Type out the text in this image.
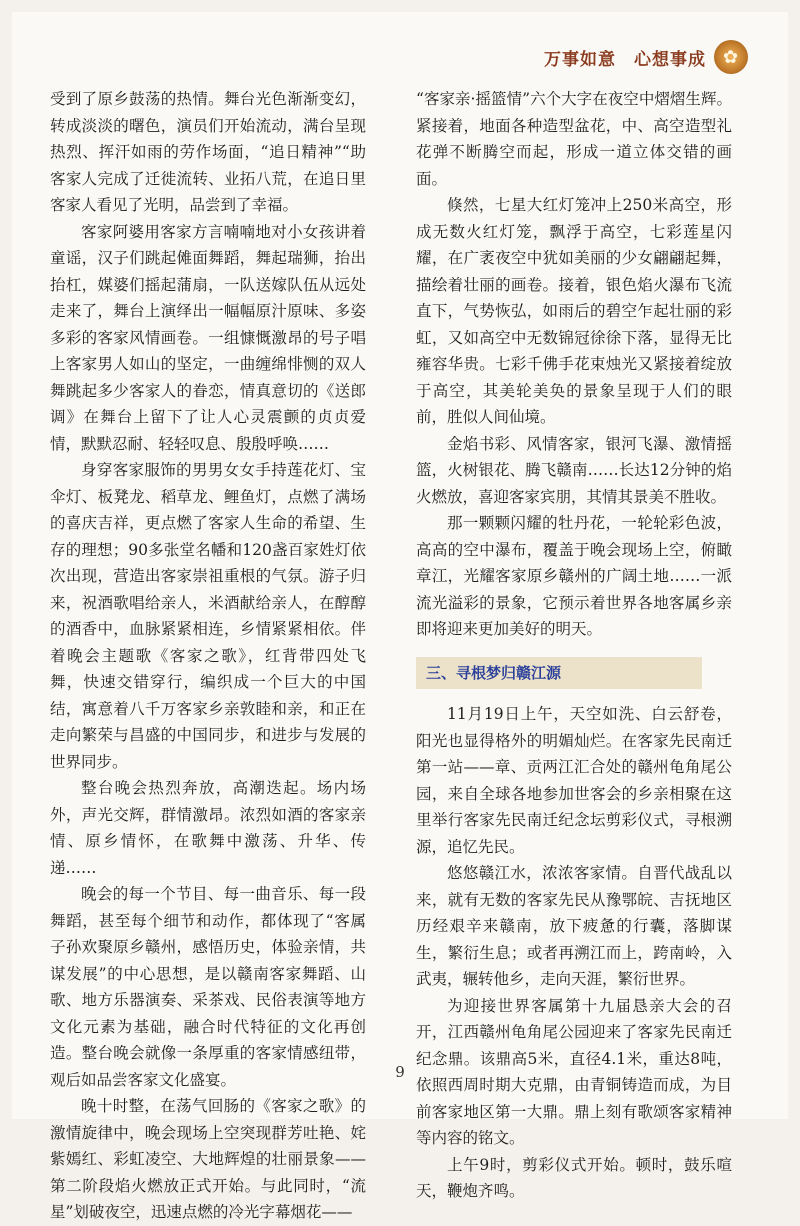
万事如意　心想事成 ✿

受到了原乡鼓荡的热情。舞台光色渐渐变幻，转成淡淡的曙色，演员们开始流动，满台呈现热烈、挥汗如雨的劳作场面，“追日精神”“助客家人完成了迁徙流转、业拓八荒，在追日里客家人看见了光明，品尝到了幸福。

客家阿婆用客家方言喃喃地对小女孩讲着童谣，汉子们跳起傩面舞蹈，舞起瑞狮，抬出抬杠，媒婆们摇起蒲扇，一队送嫁队伍从远处走来了，舞台上演绎出一幅幅原汁原味、多姿多彩的客家风情画卷。一组慷慨激昂的号子唱上客家男人如山的坚定，一曲缠绵悱恻的双人舞跳起多少客家人的眷恋，情真意切的《送郎调》在舞台上留下了让人心灵震颤的贞贞爱情，默默忍耐、轻轻叹息、殷殷呼唤……

身穿客家服饰的男男女女手持莲花灯、宝伞灯、板凳龙、稻草龙、鲤鱼灯，点燃了满场的喜庆吉祥，更点燃了客家人生命的希望、生存的理想；90多张堂名幡和120盏百家姓灯依次出现，营造出客家崇祖重根的气氛。游子归来，祝酒歌唱给亲人，米酒献给亲人，在醇醇的酒香中，血脉紧紧相连，乡情紧紧相依。伴着晚会主题歌《客家之歌》，红背带四处飞舞，快速交错穿行，编织成一个巨大的中国结，寓意着八千万客家乡亲敦睦和亲，和正在走向繁荣与昌盛的中国同步，和进步与发展的世界同步。

整台晚会热烈奔放，高潮迭起。场内场外，声光交辉，群情激昂。浓烈如酒的客家亲情、原乡情怀，在歌舞中激荡、升华、传递……

晚会的每一个节目、每一曲音乐、每一段舞蹈，甚至每个细节和动作，都体现了“客属子孙欢聚原乡赣州，感悟历史，体验亲情，共谋发展”的中心思想，是以赣南客家舞蹈、山歌、地方乐器演奏、采茶戏、民俗表演等地方文化元素为基础，融合时代特征的文化再创造。整台晚会就像一条厚重的客家情感纽带，观后如品尝客家文化盛宴。

晚十时整，在荡气回肠的《客家之歌》的激情旋律中，晚会现场上空突现群芳吐艳、姹紫嫣红、彩虹凌空、大地辉煌的壮丽景象——第二阶段焰火燃放正式开始。与此同时，“流星”划破夜空，迅速点燃的冷光字幕烟花——

“客家亲·摇篮情”六个大字在夜空中熠熠生辉。紧接着，地面各种造型盆花，中、高空造型礼花弹不断腾空而起，形成一道立体交错的画面。

倏然，七星大红灯笼冲上250米高空，形成无数火红灯笼，飘浮于高空，七彩莲星闪耀，在广袤夜空中犹如美丽的少女翩翩起舞，描绘着壮丽的画卷。接着，银色焰火瀑布飞流直下，气势恢弘，如雨后的碧空乍起壮丽的彩虹，又如高空中无数锦冠徐徐下落，显得无比雍容华贵。七彩千佛手花束烛光又紧接着绽放于高空，其美轮美奂的景象呈现于人们的眼前，胜似人间仙境。

金焰书彩、风情客家，银河飞瀑、激情摇篮，火树银花、腾飞赣南……长达12分钟的焰火燃放，喜迎客家宾朋，其情其景美不胜收。

那一颗颗闪耀的牡丹花，一轮轮彩色波，高高的空中瀑布，覆盖于晚会现场上空，俯瞰章江，光耀客家原乡赣州的广阔土地……一派流光溢彩的景象，它预示着世界各地客属乡亲即将迎来更加美好的明天。

三、寻根梦归赣江源

11月19日上午，天空如洗、白云舒卷，阳光也显得格外的明媚灿烂。在客家先民南迁第一站——章、贡两江汇合处的赣州龟角尾公园，来自全球各地参加世客会的乡亲相聚在这里举行客家先民南迁纪念坛剪彩仪式，寻根溯源，追忆先民。

悠悠赣江水，浓浓客家情。自晋代战乱以来，就有无数的客家先民从豫鄂皖、吉抚地区历经艰辛来赣南，放下疲惫的行囊，落脚谋生，繁衍生息；或者再溯江而上，跨南岭，入武夷，辗转他乡，走向天涯，繁衍世界。

为迎接世界客属第十九届恳亲大会的召开，江西赣州龟角尾公园迎来了客家先民南迁纪念鼎。该鼎高5米，直径4.1米，重达8吨，依照西周时期大克鼎，由青铜铸造而成，为目前客家地区第一大鼎。鼎上刻有歌颂客家精神等内容的铭文。

上午9时，剪彩仪式开始。顿时，鼓乐喧天，鞭炮齐鸣。

9
